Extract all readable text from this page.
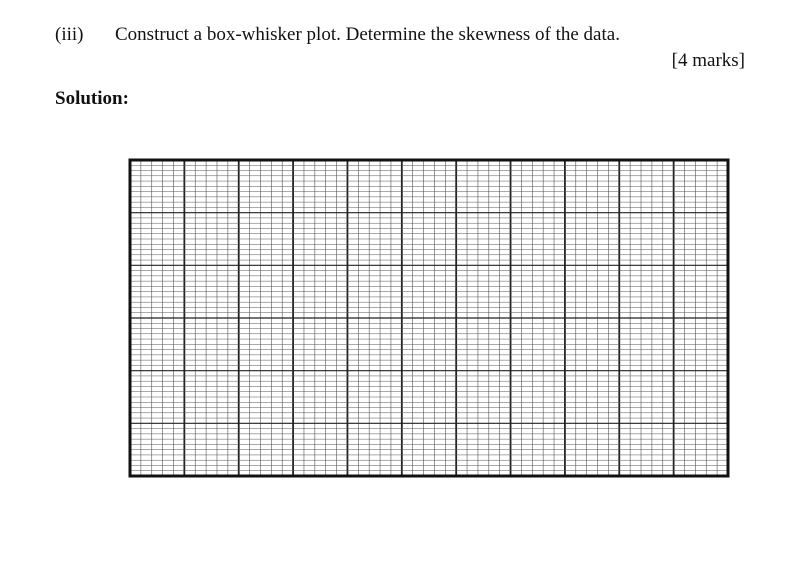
(iii) Construct a box-whisker plot. Determine the skewness of the data.
[4 marks]
Solution:
